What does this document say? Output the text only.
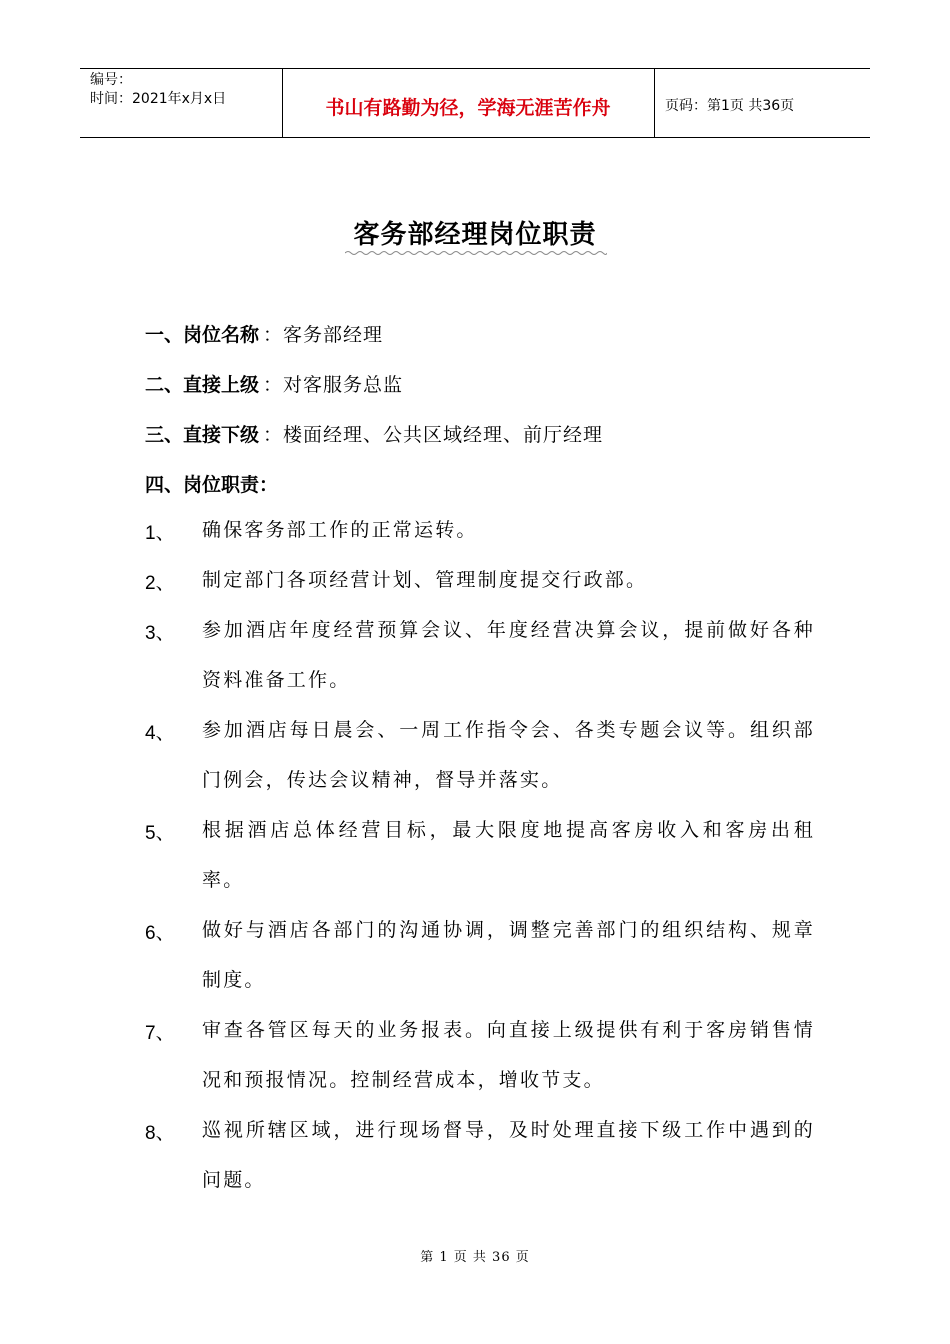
编号：
时间：2021年x月x日	书山有路勤为径，学海无涯苦作舟	页码：第1页 共36页
客务部经理岗位职责
一、岗位名称 ：客务部经理
二、直接上级 ：对客服务总监
三、直接下级 ：楼面经理、公共区域经理、前厅经理
四、岗位职责：
1、 确保客务部工作的正常运转。
2、 制定部门各项经营计划、管理制度提交行政部。
3、 参加酒店年度经营预算会议、年度经营决算会议，提前做好各种资料准备工作。
4、 参加酒店每日晨会、一周工作指令会、各类专题会议等。组织部门例会，传达会议精神，督导并落实。
5、 根据酒店总体经营目标，最大限度地提高客房收入和客房出租率。
6、 做好与酒店各部门的沟通协调，调整完善部门的组织结构、规章制度。
7、 审查各管区每天的业务报表。向直接上级提供有利于客房销售情况和预报情况。控制经营成本，增收节支。
8、 巡视所辖区域，进行现场督导，及时处理直接下级工作中遇到的问题。
第 1 页 共 36 页
